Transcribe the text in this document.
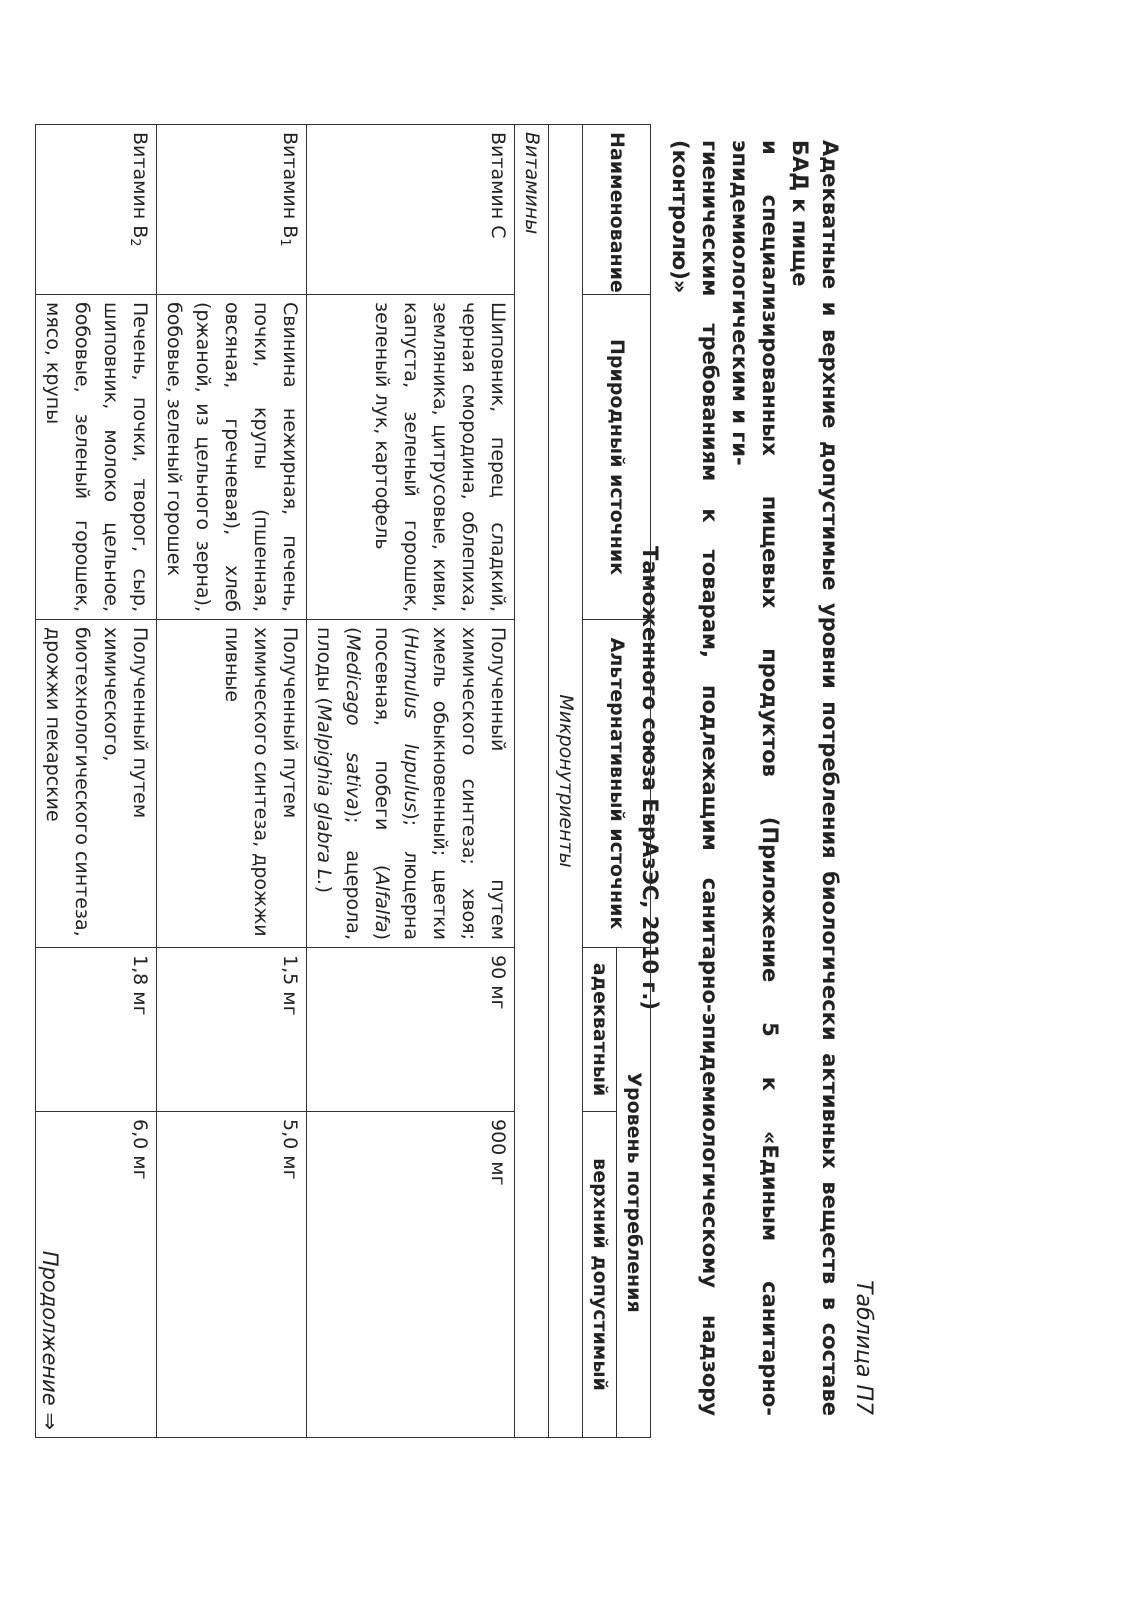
Таблица П7
Адекватные и верхние допустимые уровни потребления биологически активных веществ в составе БАД к пище
и специализированных пищевых продуктов (Приложение 5 к «Единым санитарно-эпидемиологическим и ги-
гиеническим требованиям к товарам, подлежащим санитарно-эпидемиологическому надзору (контролю)»
Таможенного союза ЕврАзЭС, 2010 г.)
Наименование	Природный источник	Альтернативный источник	Уровень потребления	
			адекватный	верхний допустимый
Микронутриенты				
Витамины				
Витамин С	Шиповник, перец сладкий, черная смородина, облепиха, земляника, цитрусовые, киви, капуста, зеленый горошек, зеленый лук, картофель	Полученный путем химического синтеза; хвоя; хмель обыкновенный; цветки (Humulus lupulus); люцерна посевная, побеги (Alfalfa) (Medicago sativa); ацерола, плоды (Malpighia glabra L.)	90 мг	900 мг
Витамин $В_1$	Свинина нежирная, печень, почки, крупы (пшенная, овсяная, гречневая), хлеб (ржаной, из цельного зерна), бобовые, зеленый горошек	Полученный путем химического синтеза, дрожжи пивные	1,5 мг	5,0 мг
Витамин $В_2$	Печень, почки, творог, сыр, шиповник, молоко цельное, бобовые, зеленый горошек, мясо, крупы	Полученный путем химического, биотехнологического синтеза, дрожжи пекарские	1,8 мг	6,0 мг
Продолжение ⇒
